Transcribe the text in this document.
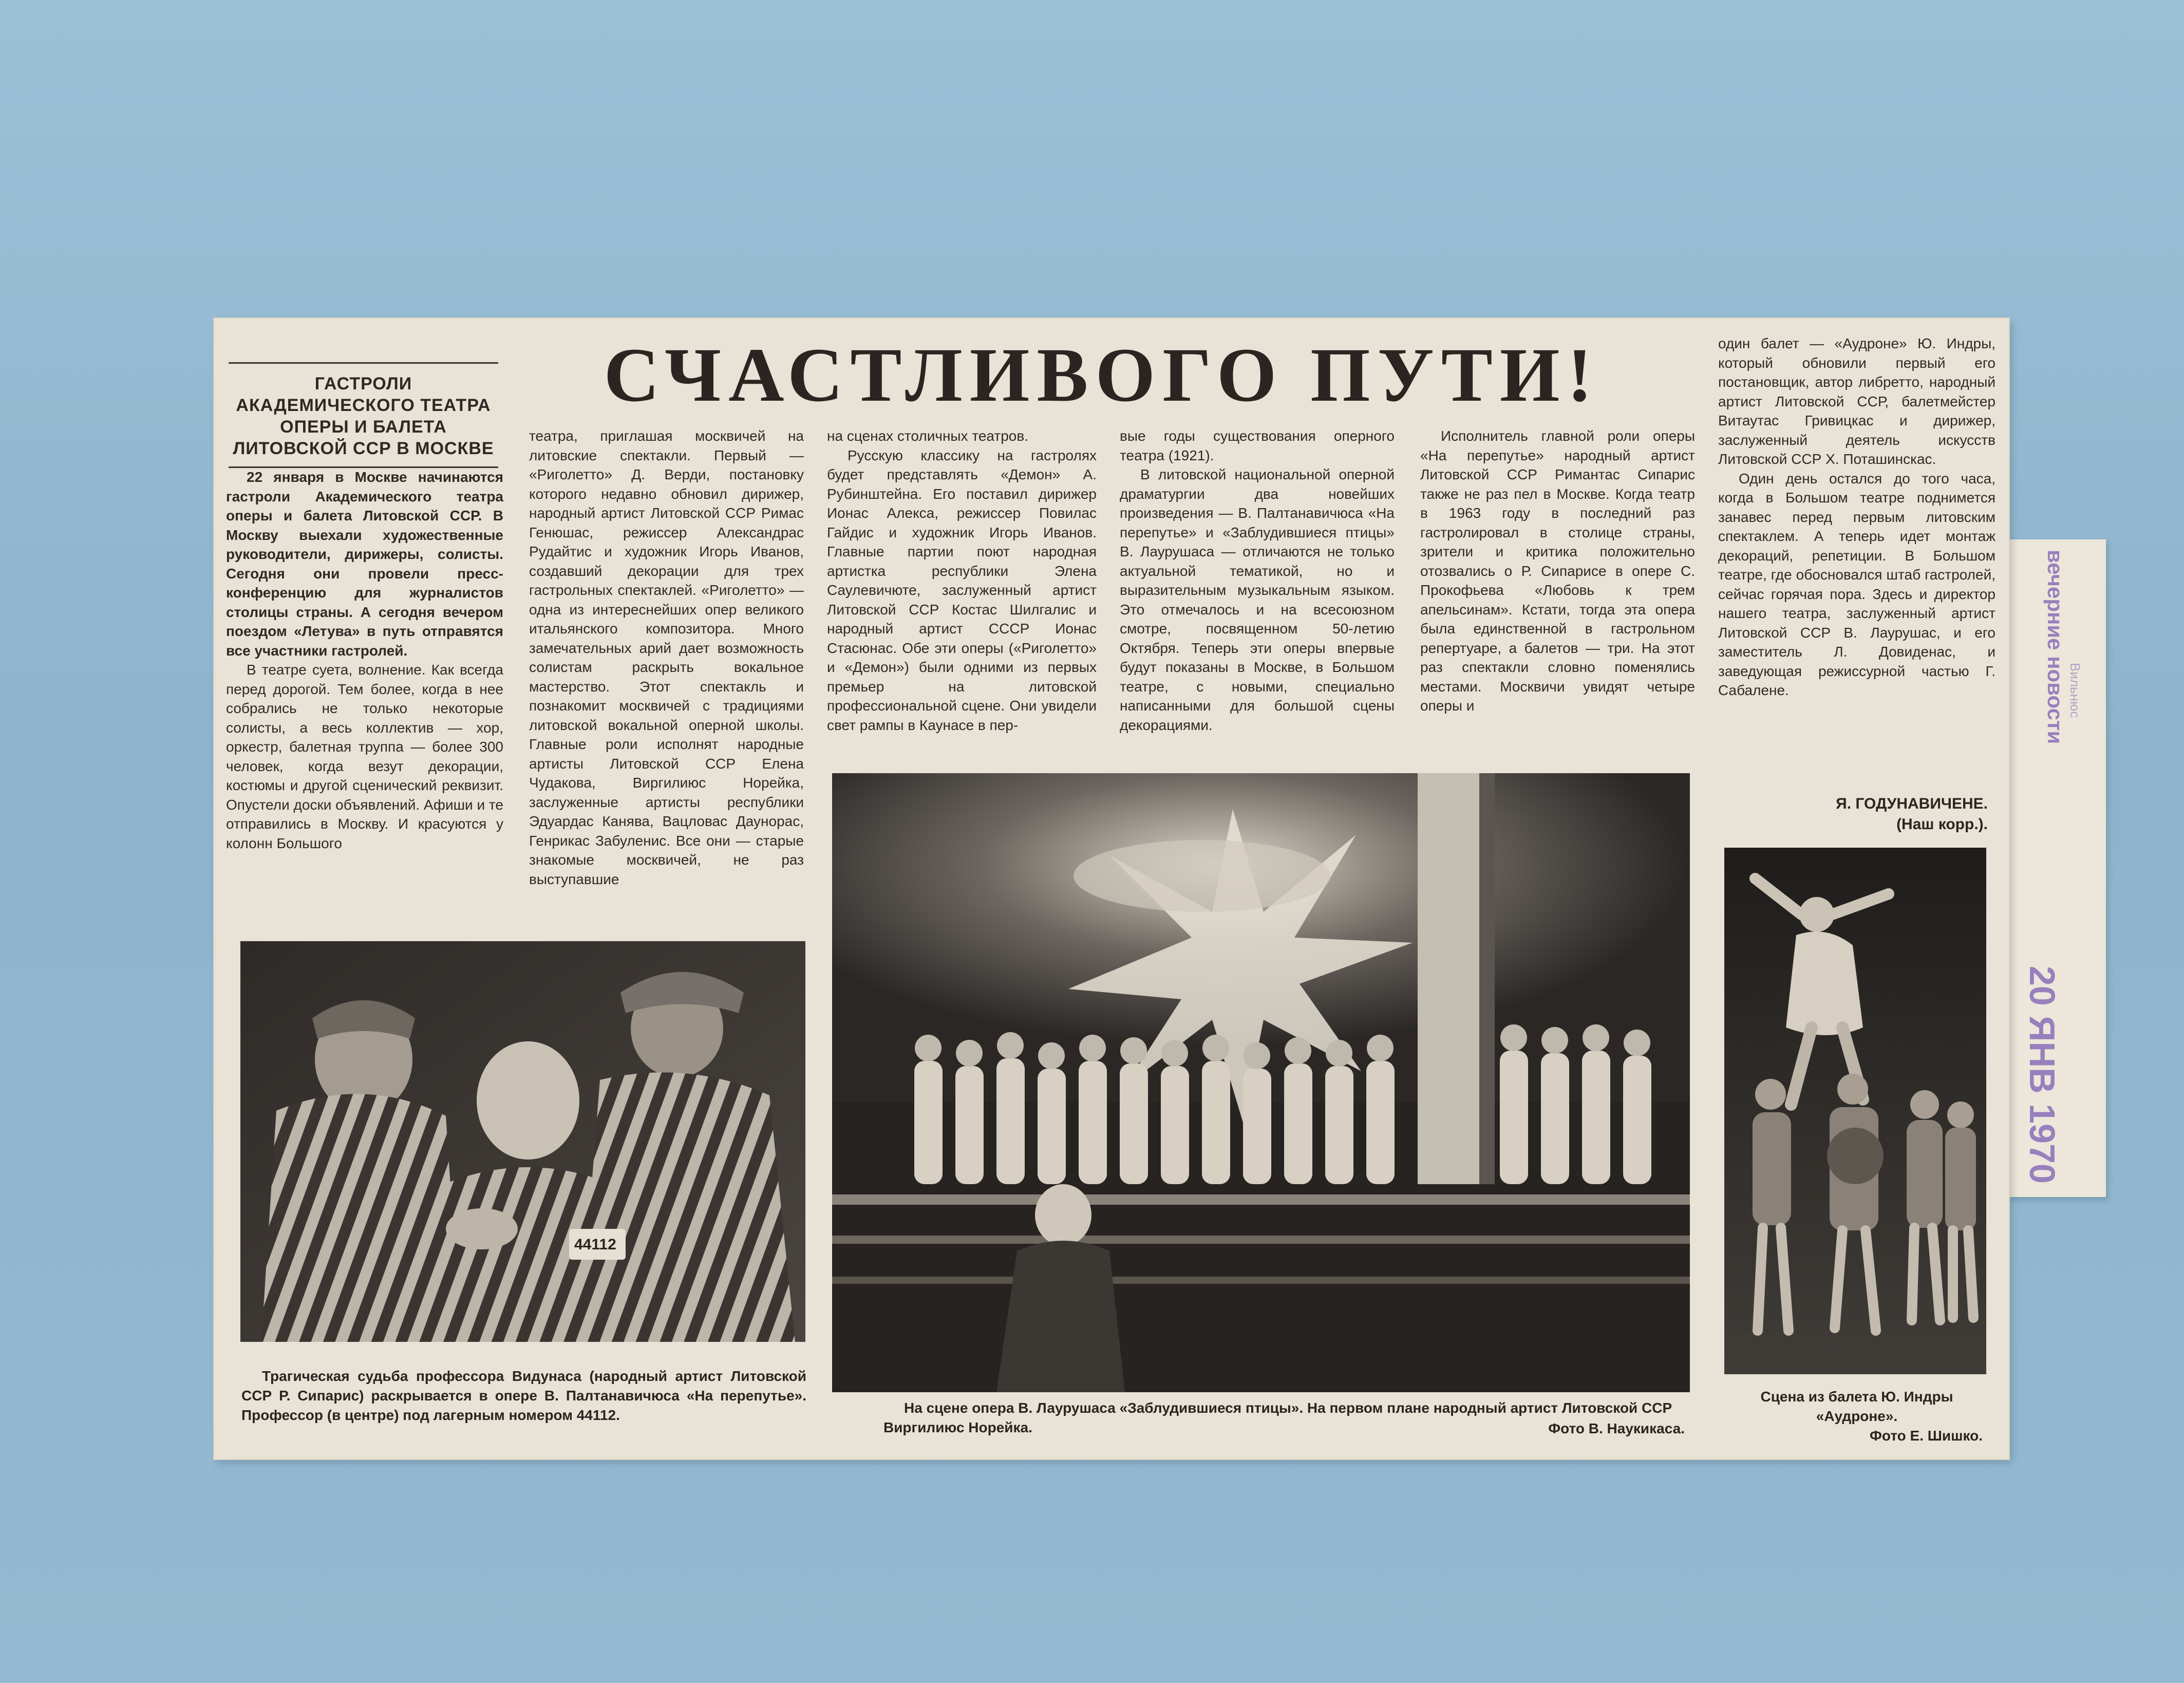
вечерние новости Вильнюс
20 ЯНВ 1970
ГАСТРОЛИ АКАДЕМИЧЕСКОГО ТЕАТРА ОПЕРЫ И БАЛЕТА ЛИТОВСКОЙ ССР В МОСКВЕ
СЧАСТЛИВОГО ПУТИ!

22 января в Москве начинаются гастроли Академического театра оперы и балета Литовской ССР. В Москву выехали художественные руководители, дирижеры, солисты. Сегодня они провели пресс-конференцию для журналистов столицы страны. А сегодня вечером поездом «Летува» в путь отправятся все участники гастролей.

В театре суета, волнение. Как всегда перед дорогой. Тем более, когда в нее собрались не только некоторые солисты, а весь коллектив — хор, оркестр, балетная труппа — более 300 человек, когда везут декорации, костюмы и другой сценический реквизит. Опустели доски объявлений. Афиши и те отправились в Москву. И красуются у колонн Большого

театра, приглашая москвичей на литовские спектакли. Первый — «Риголетто» Д. Верди, постановку которого недавно обновил дирижер, народный артист Литовской ССР Римас Генюшас, режиссер Александрас Рудайтис и художник Игорь Иванов, создавший декорации для трех гастрольных спектаклей. «Риголетто» — одна из интереснейших опер великого итальянского композитора. Много замечательных арий дает возможность солистам раскрыть вокальное мастерство. Этот спектакль и познакомит москвичей с традициями литовской вокальной оперной школы. Главные роли исполнят народные артисты Литовской ССР Елена Чудакова, Виргилиюс Норейка, заслуженные артисты республики Эдуардас Канява, Вацловас Даунорас, Генрикас Забуленис. Все они — старые знакомые москвичей, не раз выступавшие

на сценах столичных театров.

Русскую классику на гастролях будет представлять «Демон» А. Рубинштейна. Его поставил дирижер Ионас Алекса, режиссер Повилас Гайдис и художник Игорь Иванов. Главные партии поют народная артистка республики Элена Саулевичюте, заслуженный артист Литовской ССР Костас Шилгалис и народный артист СССР Ионас Стасюнас. Обе эти оперы («Риголетто» и «Демон») были одними из первых премьер на литовской профессиональной сцене. Они увидели свет рампы в Каунасе в пер-

вые годы существования оперного театра (1921).

В литовской национальной оперной драматургии два новейших произведения — В. Палтанавичюса «На перепутье» и «Заблудившиеся птицы» В. Лаурушаса — отличаются не только актуальной тематикой, но и выразительным музыкальным языком. Это отмечалось и на всесоюзном смотре, посвященном 50-летию Октября. Теперь эти оперы впервые будут показаны в Москве, в Большом театре, с новыми, специально написанными для большой сцены декорациями.

Исполнитель главной роли оперы «На перепутье» народный артист Литовской ССР Римантас Сипарис также не раз пел в Москве. Когда театр в 1963 году в последний раз гастролировал в столице страны, зрители и критика положительно отозвались о Р. Сипарисе в опере С. Прокофьева «Любовь к трем апельсинам». Кстати, тогда эта опера была единственной в гастрольном репертуаре, а балетов — три. На этот раз спектакли словно поменялись местами. Москвичи увидят четыре оперы и

один балет — «Аудроне» Ю. Индры, который обновили первый его постановщик, автор либретто, народный артист Литовской ССР, балетмейстер Витаутас Гривицкас и дирижер, заслуженный деятель искусств Литовской ССР Х. Поташинскас.

Один день остался до того часа, когда в Большом театре поднимется занавес перед первым литовским спектаклем. А теперь идет монтаж декораций, репетиции. В Большом театре, где обосновался штаб гастролей, сейчас горячая пора. Здесь и директор нашего театра, заслуженный артист Литовской ССР В. Лаурушас, и его заместитель Л. Довиденас, и заведующая режиссурной частью Г. Сабалене.

Я. ГОДУНАВИЧЕНЕ.
(Наш корр.).
44112

Трагическая судьба профессора Видунаса (народный артист Литовской ССР Р. Сипарис) раскрывается в опере В. Палтанавичюса «На перепутье». Профессор (в центре) под лагерным номером 44112.	На сцене опера В. Лаурушаса «Заблудившиеся птицы». На первом плане народный артист Литовской ССР Виргилиюс Норейка.	Фото В. Наукикаса.

Сцена из балета Ю. Индры «Аудроне».

Фото Е. Шишко.
